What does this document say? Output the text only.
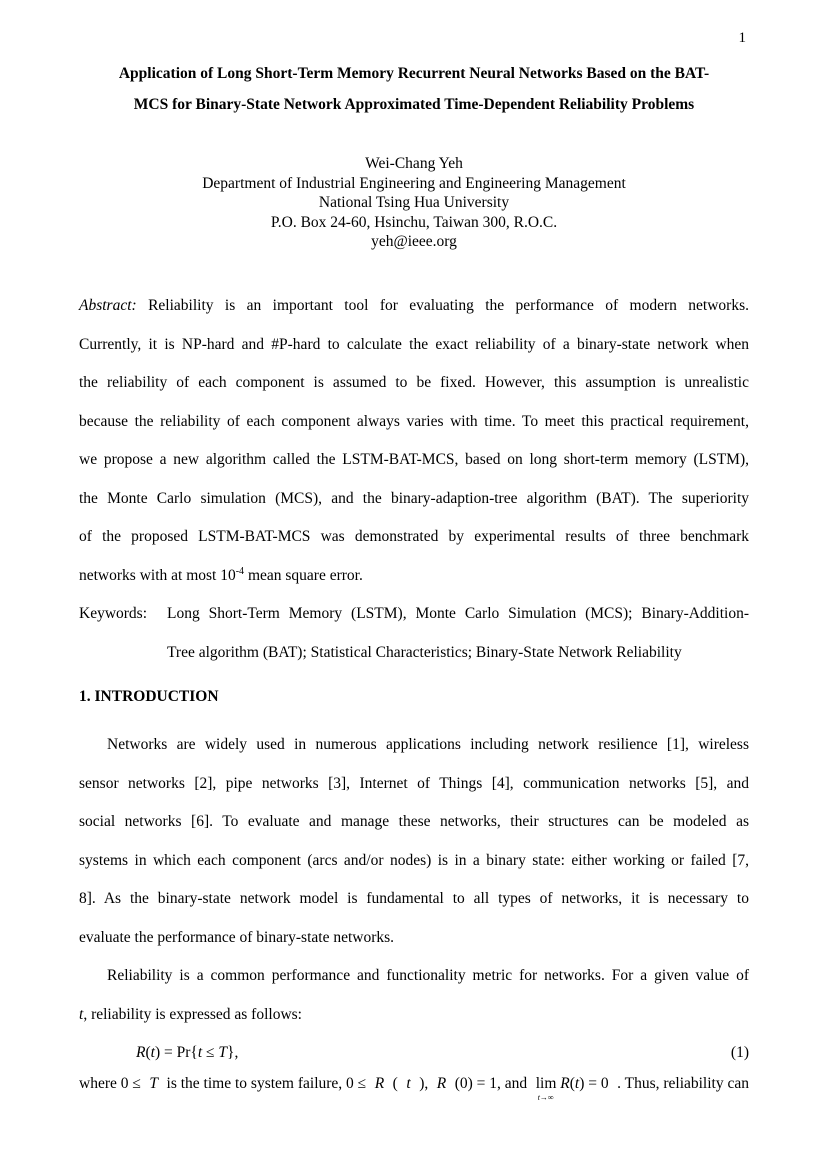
1
Application of Long Short-Term Memory Recurrent Neural Networks Based on the BAT-
MCS for Binary-State Network Approximated Time-Dependent Reliability Problems
Wei-Chang Yeh
Department of Industrial Engineering and Engineering Management
National Tsing Hua University
P.O. Box 24-60, Hsinchu, Taiwan 300, R.O.C.
yeh@ieee.org
Abstract: Reliability is an important tool for evaluating the performance of modern networks.
Currently, it is NP-hard and #P-hard to calculate the exact reliability of a binary-state network when
the reliability of each component is assumed to be fixed. However, this assumption is unrealistic
because the reliability of each component always varies with time. To meet this practical requirement,
we propose a new algorithm called the LSTM-BAT-MCS, based on long short-term memory (LSTM),
the Monte Carlo simulation (MCS), and the binary-adaption-tree algorithm (BAT). The superiority
of the proposed LSTM-BAT-MCS was demonstrated by experimental results of three benchmark
networks with at most $10^{-4}$ mean square error.
Keywords:	Long Short-Term Memory (LSTM), Monte Carlo Simulation (MCS); Binary-Addition-
Tree algorithm (BAT); Statistical Characteristics; Binary-State Network Reliability
1. INTRODUCTION
Networks are widely used in numerous applications including network resilience [1], wireless
sensor networks [2], pipe networks [3], Internet of Things [4], communication networks [5], and
social networks [6]. To evaluate and manage these networks, their structures can be modeled as
systems in which each component (arcs and/or nodes) is in a binary state: either working or failed [7,
8]. As the binary-state network model is fundamental to all types of networks, it is necessary to
evaluate the performance of binary-state networks.
Reliability is a common performance and functionality metric for networks. For a given value of
t, reliability is expressed as follows:
R(t) = Pr{t ≤ T},	(1)
where 0 ≤ T is the time to system failure, 0 ≤ R ( t ), R (0) = 1, and lim R(t) = 0
t→∞
. Thus, reliability can
